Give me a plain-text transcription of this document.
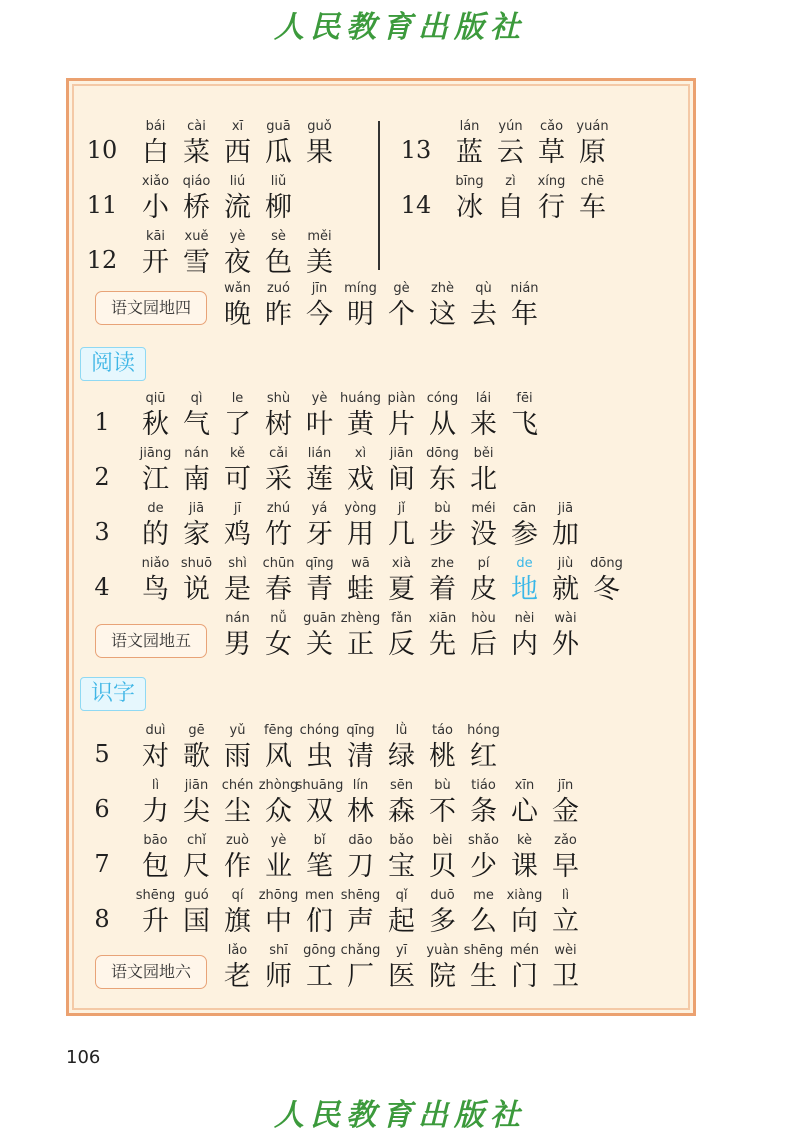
人民教育出版社
10
bái
白
cài
菜
xī
西
guā
瓜
guǒ
果
11
xiǎo
小
qiáo
桥
liú
流
liǔ
柳
12
kāi
开
xuě
雪
yè
夜
sè
色
měi
美
13
lán
蓝
yún
云
cǎo
草
yuán
原
14
bīng
冰
zì
自
xíng
行
chē
车
语文园地四
wǎn
晚
zuó
昨
jīn
今
míng
明
gè
个
zhè
这
qù
去
nián
年
阅读
1
qiū
秋
qì
气
le
了
shù
树
yè
叶
huáng
黄
piàn
片
cóng
从
lái
来
fēi
飞
2
jiāng
江
nán
南
kě
可
cǎi
采
lián
莲
xì
戏
jiān
间
dōng
东
běi
北
3
de
的
jiā
家
jī
鸡
zhú
竹
yá
牙
yòng
用
jǐ
几
bù
步
méi
没
cān
参
jiā
加
4
niǎo
鸟
shuō
说
shì
是
chūn
春
qīng
青
wā
蛙
xià
夏
zhe
着
pí
皮
de
地
jiù
就
dōng
冬
语文园地五
nán
男
nǚ
女
guān
关
zhèng
正
fǎn
反
xiān
先
hòu
后
nèi
内
wài
外
识字
5
duì
对
gē
歌
yǔ
雨
fēng
风
chóng
虫
qīng
清
lǜ
绿
táo
桃
hóng
红
6
lì
力
jiān
尖
chén
尘
zhòng
众
shuāng
双
lín
林
sēn
森
bù
不
tiáo
条
xīn
心
jīn
金
7
bāo
包
chǐ
尺
zuò
作
yè
业
bǐ
笔
dāo
刀
bǎo
宝
bèi
贝
shǎo
少
kè
课
zǎo
早
8
shēng
升
guó
国
qí
旗
zhōng
中
men
们
shēng
声
qǐ
起
duō
多
me
么
xiàng
向
lì
立
语文园地六
lǎo
老
shī
师
gōng
工
chǎng
厂
yī
医
yuàn
院
shēng
生
mén
门
wèi
卫
106
人民教育出版社
